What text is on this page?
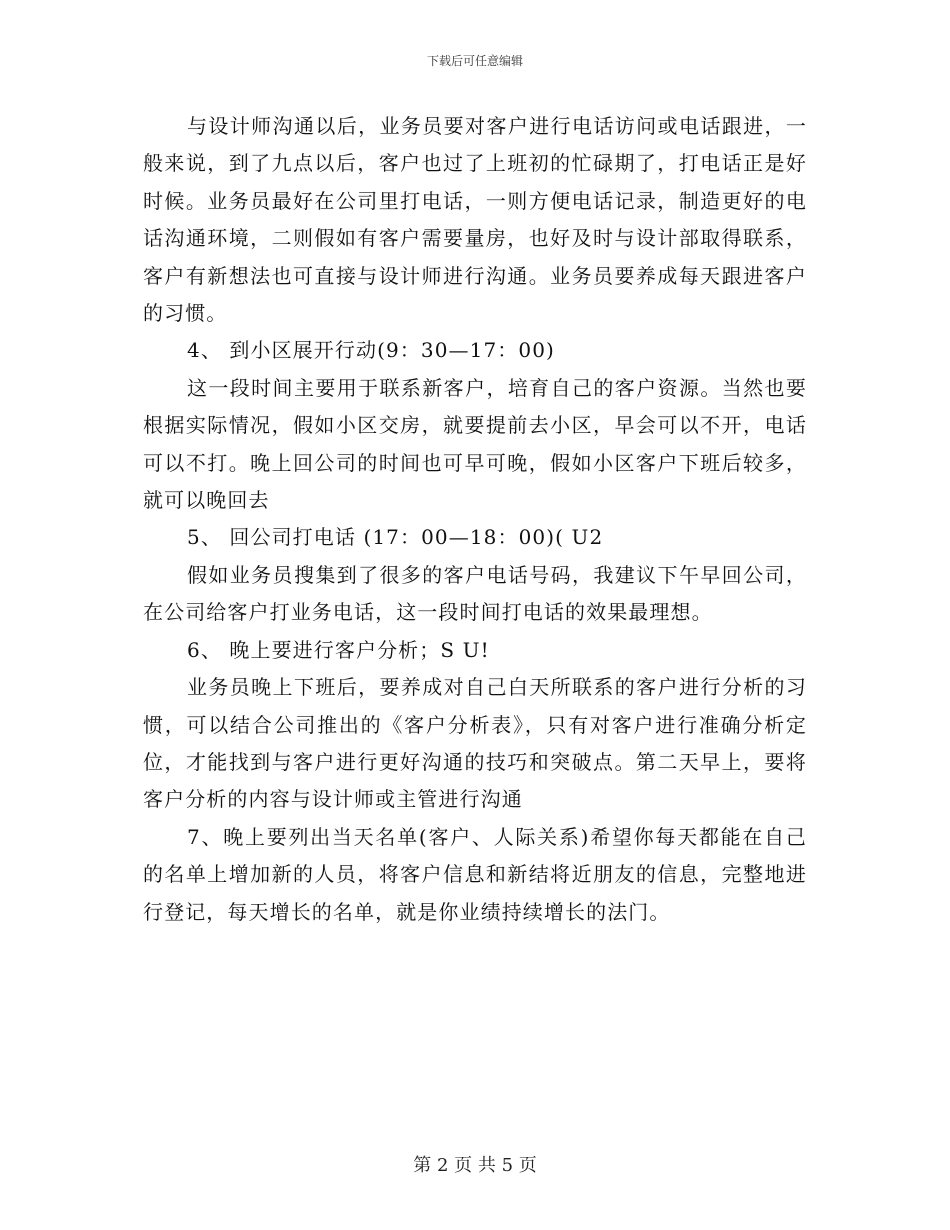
下载后可任意编辑

与设计师沟通以后，业务员要对客户进行电话访问或电话跟进，一般来说，到了九点以后，客户也过了上班初的忙碌期了，打电话正是好时候。业务员最好在公司里打电话，一则方便电话记录，制造更好的电话沟通环境，二则假如有客户需要量房，也好及时与设计部取得联系，客户有新想法也可直接与设计师进行沟通。业务员要养成每天跟进客户的习惯。

4、 到小区展开行动(9：30—17：00)

这一段时间主要用于联系新客户，培育自己的客户资源。当然也要根据实际情况，假如小区交房，就要提前去小区，早会可以不开，电话可以不打。晚上回公司的时间也可早可晚，假如小区客户下班后较多，就可以晚回去

5、 回公司打电话 (17：00—18：00)( U2

假如业务员搜集到了很多的客户电话号码，我建议下午早回公司，在公司给客户打业务电话，这一段时间打电话的效果最理想。

6、 晚上要进行客户分析；S U!

业务员晚上下班后，要养成对自己白天所联系的客户进行分析的习惯，可以结合公司推出的《客户分析表》，只有对客户进行准确分析定位，才能找到与客户进行更好沟通的技巧和突破点。第二天早上，要将客户分析的内容与设计师或主管进行沟通

7、晚上要列出当天名单(客户、人际关系)希望你每天都能在自己的名单上增加新的人员，将客户信息和新结将近朋友的信息，完整地进行登记，每天增长的名单，就是你业绩持续增长的法门。

第 2 页 共 5 页
